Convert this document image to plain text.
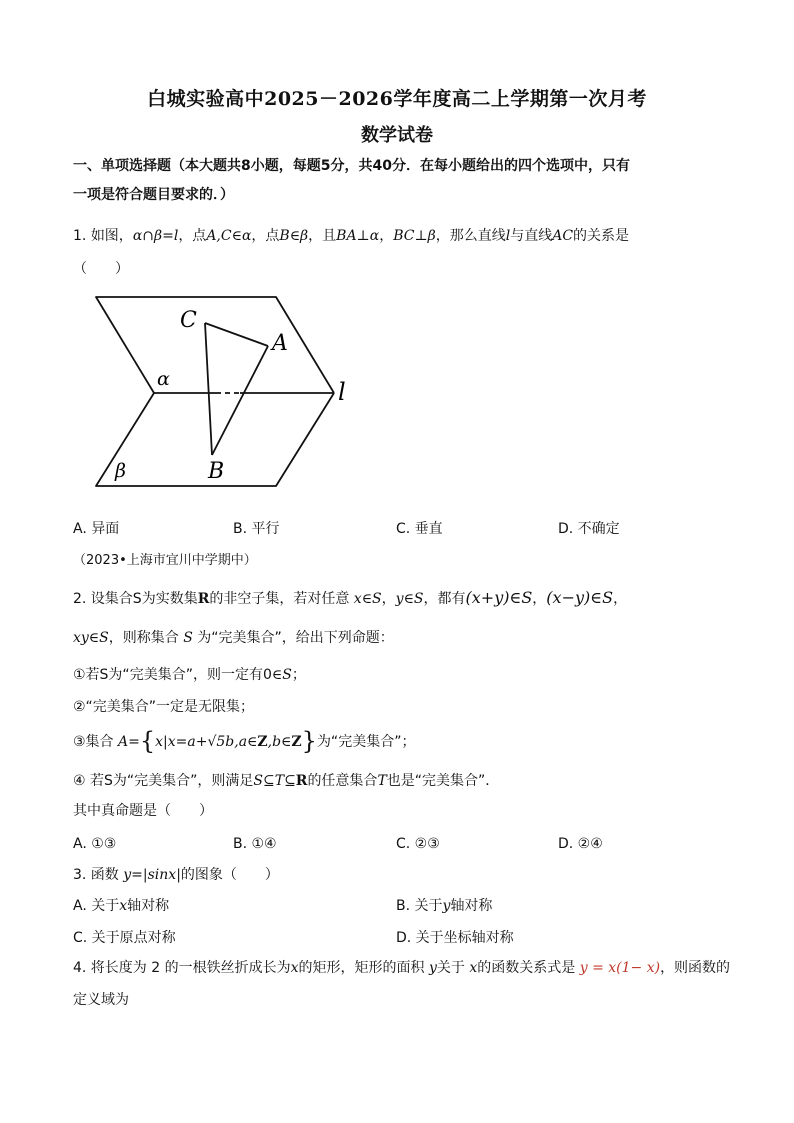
白城实验高中2025－2026学年度高二上学期第一次月考
数学试卷
一、单项选择题（本大题共8小题，每题5分，共40分．在每小题给出的四个选项中，只有
一项是符合题目要求的．）
1. 如图，α∩β=l，点A,C∈α，点B∈β，且BA⊥α，BC⊥β，那么直线l与直线AC的关系是
（　　）
C
A
α	l
β	B
A. 异面	B. 平行	C. 垂直	D. 不确定
（2023•上海市宜川中学期中）
2. 设集合S为实数集R的非空子集，若对任意 x∈S，y∈S，都有(x+y)∈S，(x−y)∈S，
xy∈S，则称集合 S 为“完美集合”，给出下列命题：
①若S为“完美集合”，则一定有0∈S；
②“完美集合”一定是无限集；
③集合 A={x|x=a+√5b,a∈Z,b∈Z}为“完美集合”；
④ 若S为“完美集合”，则满足S⊆T⊆R的任意集合T也是“完美集合”．
其中真命题是（　　）
A. ①③	B. ①④	C. ②③	D. ②④
3. 函数 y=|sinx|的图象（　　）
A. 关于x轴对称	B. 关于y轴对称
C. 关于原点对称	D. 关于坐标轴对称
4. 将长度为 2 的一根铁丝折成长为x的矩形，矩形的面积 y关于 x的函数关系式是 y = x(1− x)，则函数的
定义域为
